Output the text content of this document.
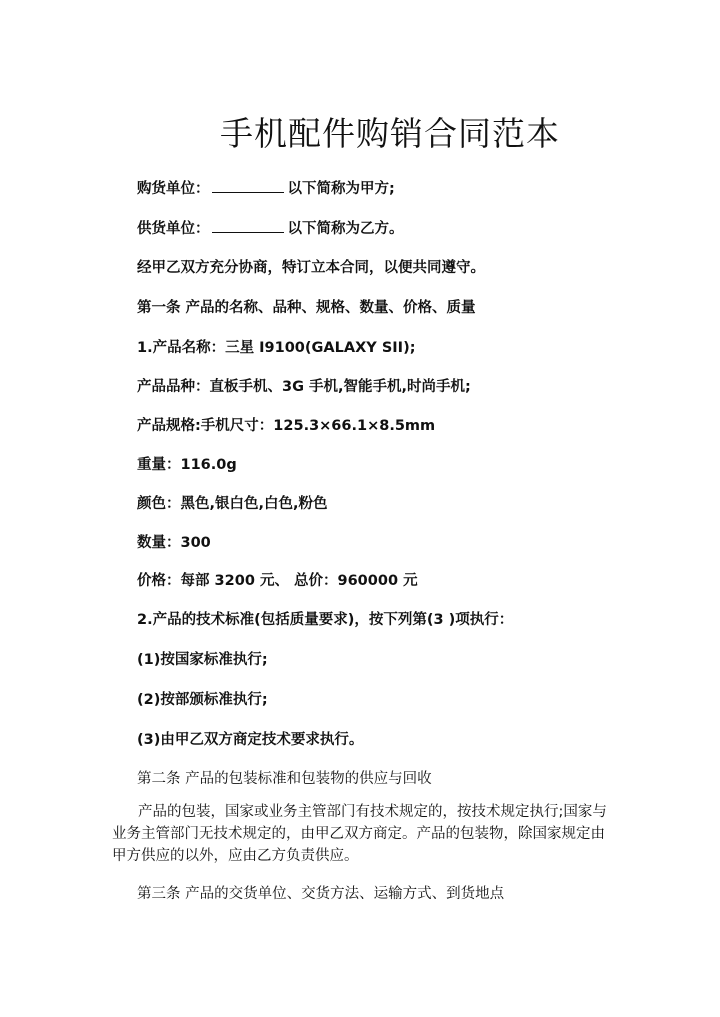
手机配件购销合同范本
购货单位：	以下简称为甲方;
供货单位：	以下简称为乙方。
经甲乙双方充分协商，特订立本合同，以便共同遵守。
第一条 产品的名称、品种、规格、数量、价格、质量
1.产品名称：三星 I9100(GALAXY SII);
产品品种：直板手机、3G 手机,智能手机,时尚手机;
产品规格:手机尺寸：125.3×66.1×8.5mm
重量：116.0g
颜色：黑色,银白色,白色,粉色
数量：300
价格：每部 3200 元、 总价：960000 元
2.产品的技术标准(包括质量要求)，按下列第(3 )项执行：
(1)按国家标准执行;
(2)按部颁标准执行;
(3)由甲乙双方商定技术要求执行。
第二条 产品的包装标准和包装物的供应与回收
产品的包装，国家或业务主管部门有技术规定的，按技术规定执行;国家与业务主管部门无技术规定的，由甲乙双方商定。产品的包装物，除国家规定由甲方供应的以外，应由乙方负责供应。
第三条 产品的交货单位、交货方法、运输方式、到货地点
